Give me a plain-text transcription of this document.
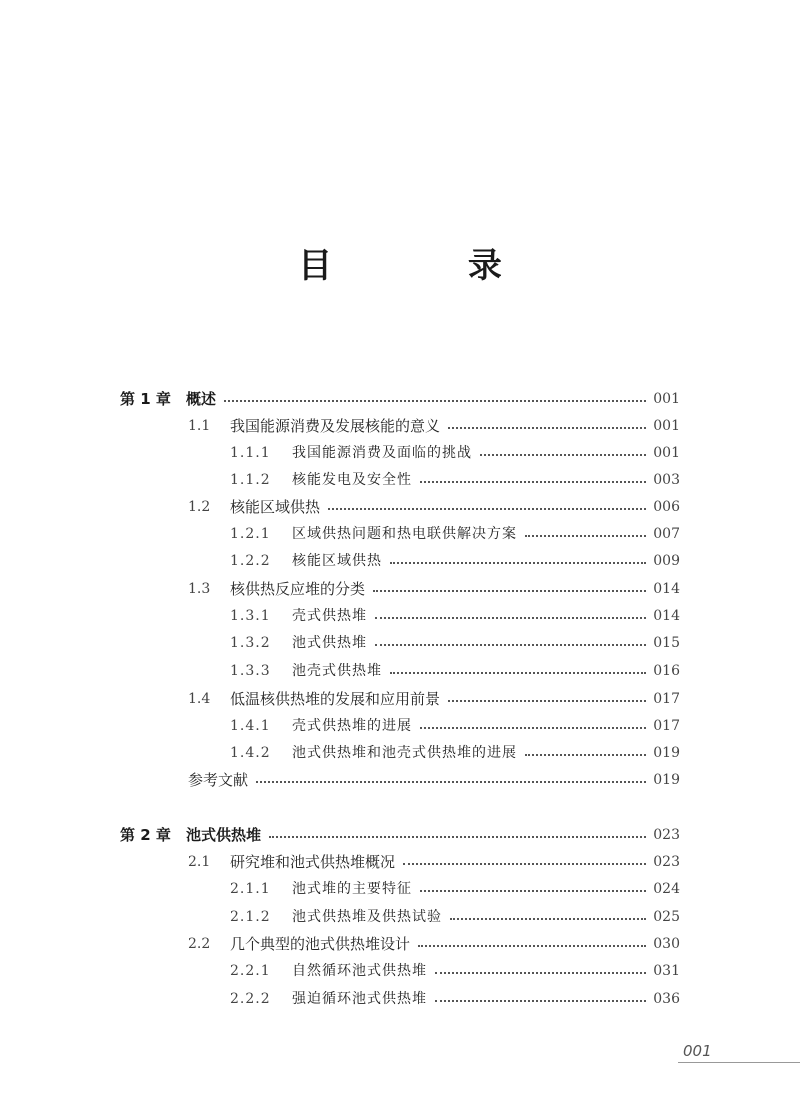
目 录
第 1 章	概述	001
1.1	我国能源消费及发展核能的意义	001
1.1.1	我国能源消费及面临的挑战	001
1.1.2	核能发电及安全性	003
1.2	核能区域供热	006
1.2.1	区域供热问题和热电联供解决方案	007
1.2.2	核能区域供热	009
1.3	核供热反应堆的分类	014
1.3.1	壳式供热堆	014
1.3.2	池式供热堆	015
1.3.3	池壳式供热堆	016
1.4	低温核供热堆的发展和应用前景	017
1.4.1	壳式供热堆的进展	017
1.4.2	池式供热堆和池壳式供热堆的进展	019
参考文献	019
第 2 章	池式供热堆	023
2.1	研究堆和池式供热堆概况	023
2.1.1	池式堆的主要特征	024
2.1.2	池式供热堆及供热试验	025
2.2	几个典型的池式供热堆设计	030
2.2.1	自然循环池式供热堆	031
2.2.2	强迫循环池式供热堆	036
001
